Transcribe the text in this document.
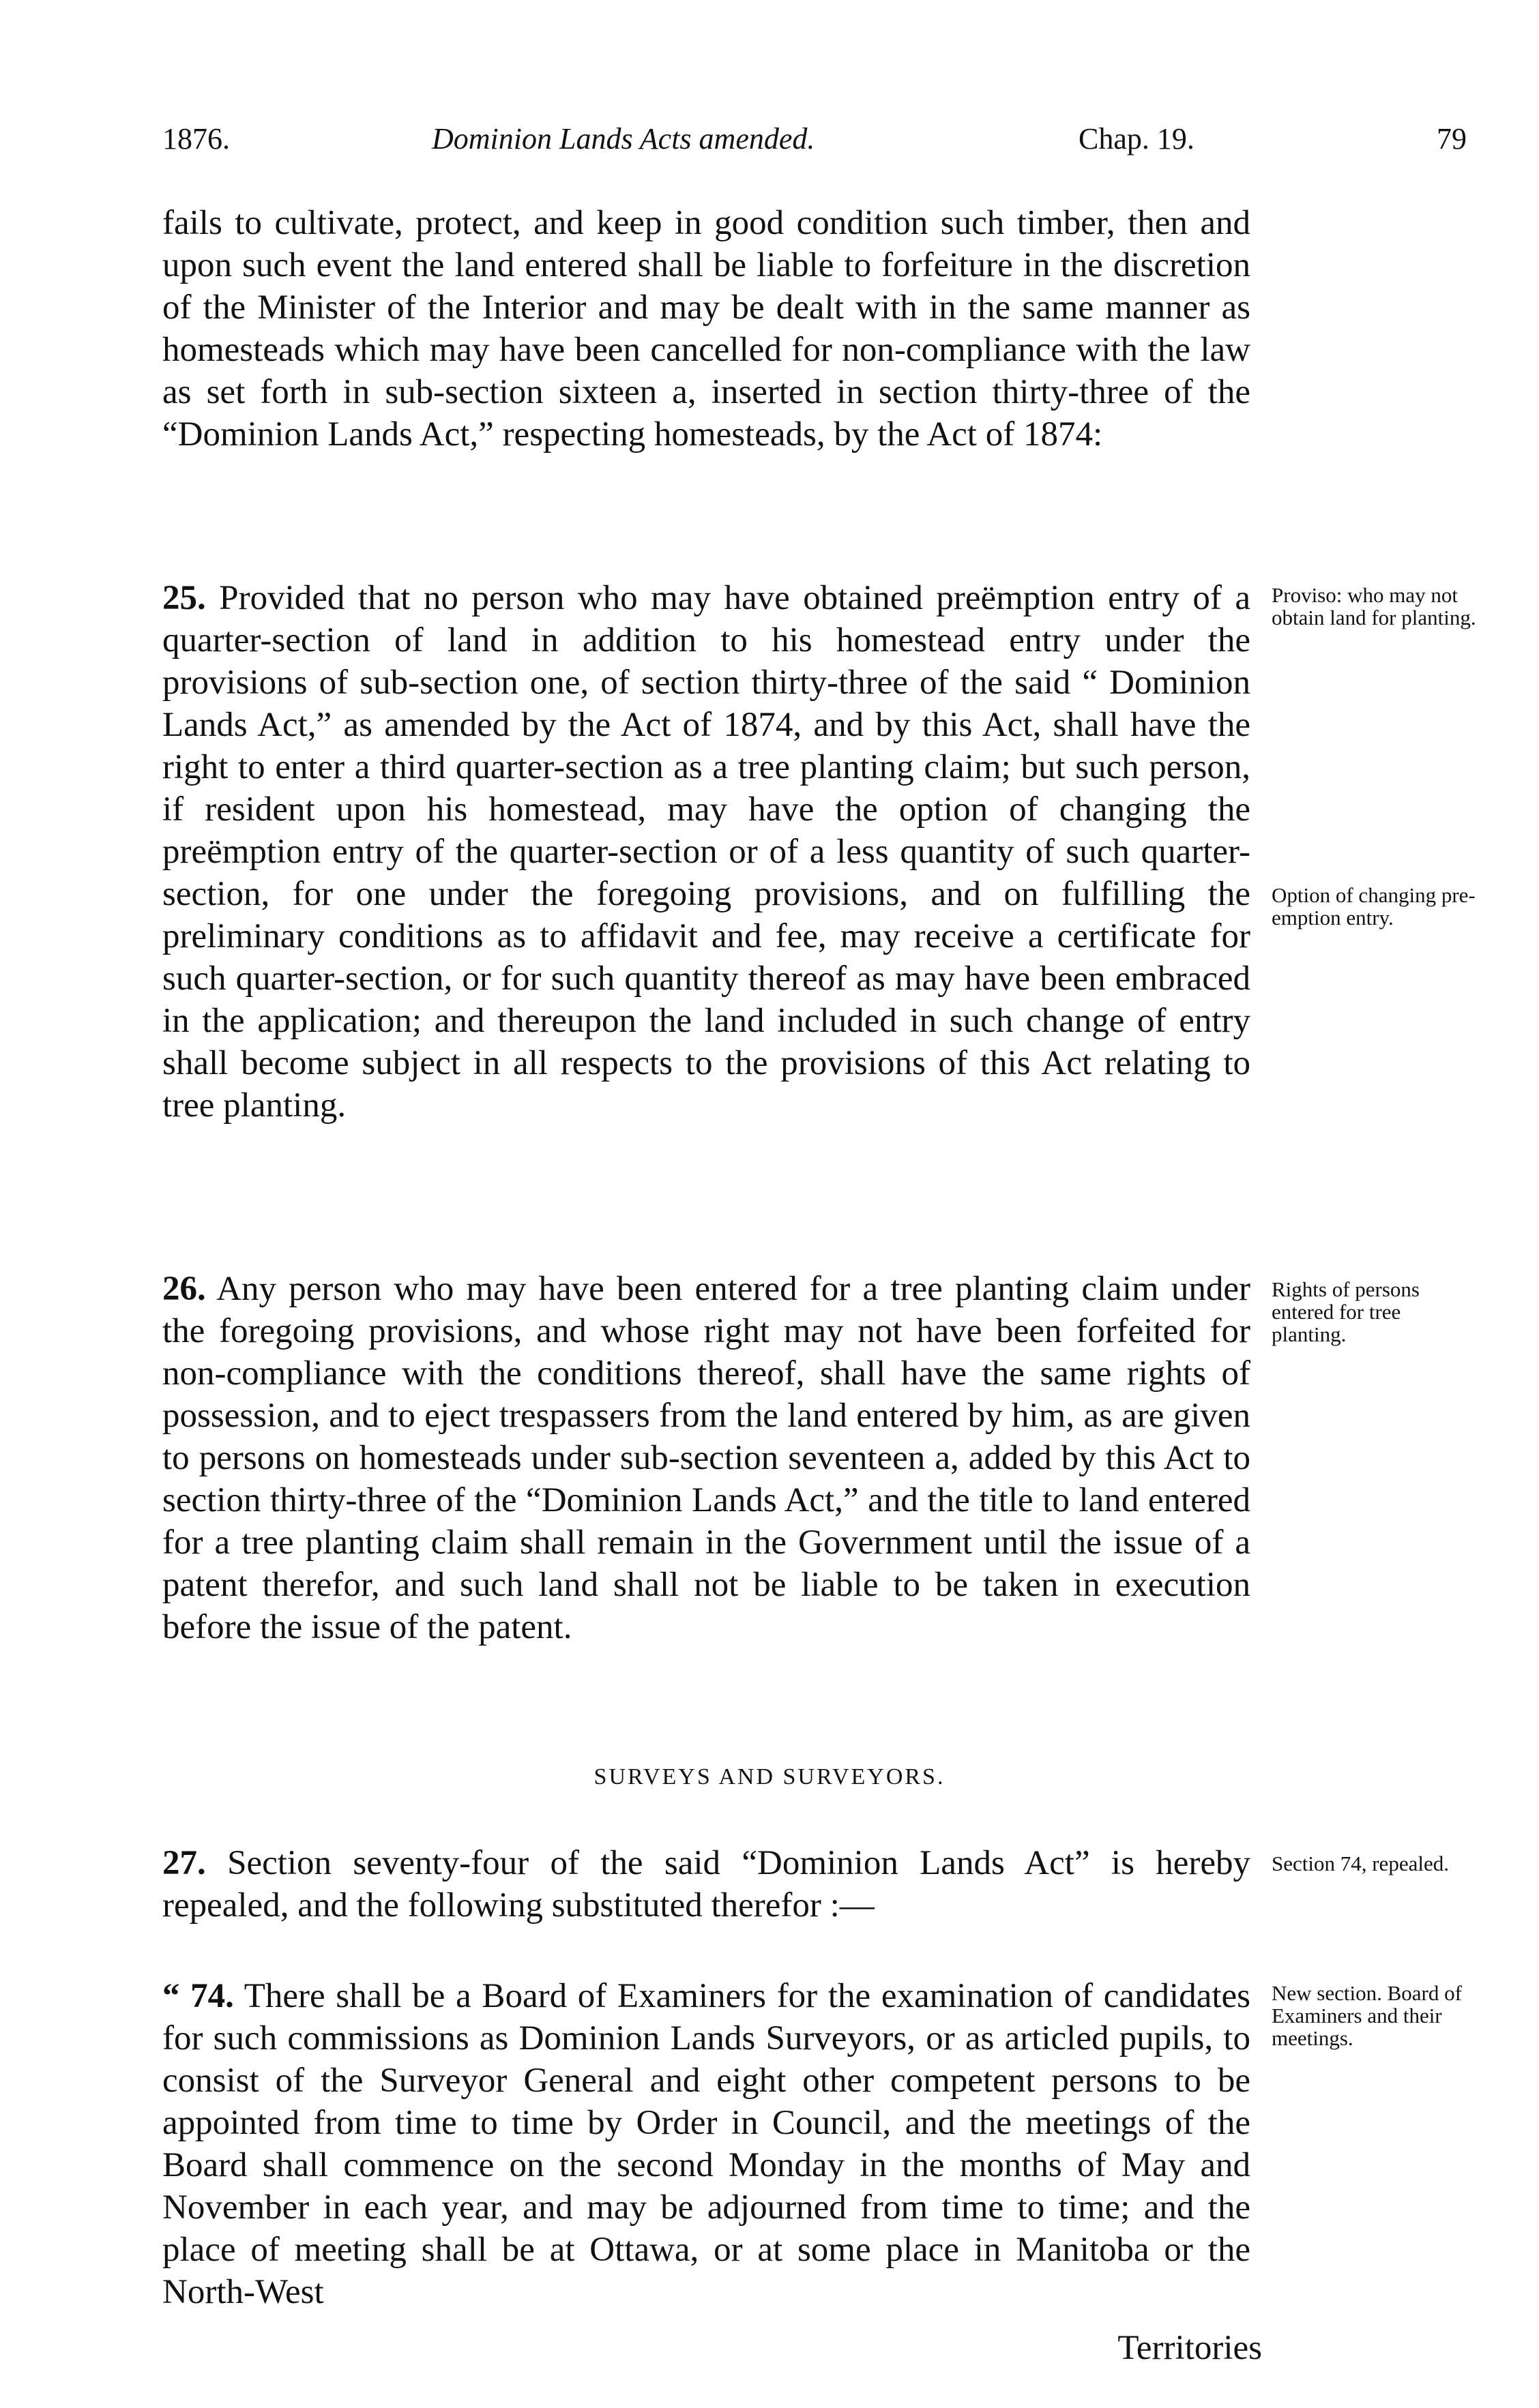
1876.	Dominion Lands Acts amended.	Chap. 19.	79

fails to cultivate, protect, and keep in good condition such timber, then and upon such event the land entered shall be liable to forfeiture in the discretion of the Minister of the Interior and may be dealt with in the same manner as homesteads which may have been cancelled for non-compliance with the law as set forth in sub-section sixteen a, inserted in section thirty-three of the “Dominion Lands Act,” respecting homesteads, by the Act of 1874:

25. Provided that no person who may have obtained preëmption entry of a quarter-section of land in addition to his homestead entry under the provisions of sub-section one, of section thirty-three of the said “ Dominion Lands Act,” as amended by the Act of 1874, and by this Act, shall have the right to enter a third quarter-section as a tree planting claim; but such person, if resident upon his homestead, may have the option of changing the preëmption entry of the quarter-section or of a less quantity of such quarter-section, for one under the foregoing provisions, and on fulfilling the preliminary conditions as to affidavit and fee, may receive a certificate for such quarter-section, or for such quantity thereof as may have been embraced in the application; and thereupon the land included in such change of entry shall become subject in all respects to the provisions of this Act relating to tree planting.

26. Any person who may have been entered for a tree planting claim under the foregoing provisions, and whose right may not have been forfeited for non-compliance with the conditions thereof, shall have the same rights of possession, and to eject trespassers from the land entered by him, as are given to persons on homesteads under sub-section seventeen a, added by this Act to section thirty-three of the “Dominion Lands Act,” and the title to land entered for a tree planting claim shall remain in the Government until the issue of a patent therefor, and such land shall not be liable to be taken in execution before the issue of the patent.

SURVEYS AND SURVEYORS.

27. Section seventy-four of the said “Dominion Lands Act” is hereby repealed, and the following substituted therefor :—

“ 74. There shall be a Board of Examiners for the examination of candidates for such commissions as Dominion Lands Surveyors, or as articled pupils, to consist of the Surveyor General and eight other competent persons to be appointed from time to time by Order in Council, and the meetings of the Board shall commence on the second Monday in the months of May and November in each year, and may be adjourned from time to time; and the place of meeting shall be at Ottawa, or at some place in Manitoba or the North-West

Territories

Proviso: who may not obtain land for planting.

Option of changing pre-emption entry.

Rights of persons entered for tree planting.

Section 74, repealed.

New section. Board of Examiners and their meetings.
